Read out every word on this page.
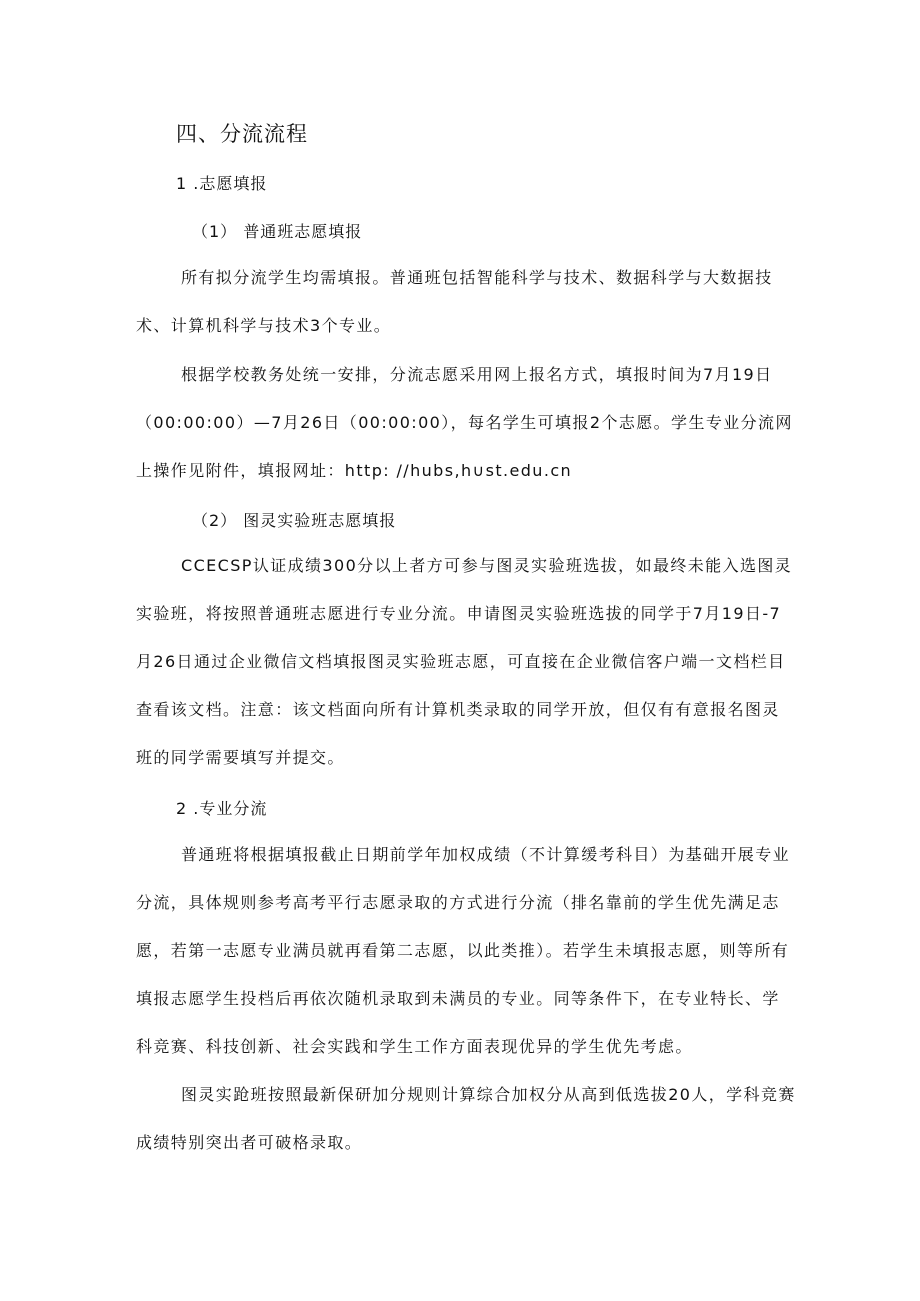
四、分流流程
1 .志愿填报
（1） 普通班志愿填报

所有拟分流学生均需填报。普通班包括智能科学与技术、数据科学与大数据技术、计算机科学与技术3个专业。

根据学校教务处统一安排，分流志愿采用网上报名方式，填报时间为7月19日（00:00:00）—7月26日（00:00:00），每名学生可填报2个志愿。学生专业分流网上操作见附件，填报网址：http: //hubs,h∪st.edu.cn

（2） 图灵实验班志愿填报

CCECSP认证成绩300分以上者方可参与图灵实验班选拔，如最终未能入选图灵实验班，将按照普通班志愿进行专业分流。申请图灵实验班选拔的同学于7月19日-7月26日通过企业微信文档填报图灵实验班志愿，可直接在企业微信客户端一文档栏目查看该文档。注意：该文档面向所有计算机类录取的同学开放，但仅有有意报名图灵班的同学需要填写并提交。

2 .专业分流

普通班将根据填报截止日期前学年加权成绩（不计算缓考科目）为基础开展专业分流，具体规则参考高考平行志愿录取的方式进行分流（排名靠前的学生优先满足志愿，若第一志愿专业满员就再看第二志愿，以此类推）。若学生未填报志愿，则等所有填报志愿学生投档后再依次随机录取到未满员的专业。同等条件下，在专业特长、学科竞赛、科技创新、社会实践和学生工作方面表现优异的学生优先考虑。

图灵实跄班按照最新保研加分规则计算综合加权分从高到低选拔20人，学科竞赛成绩特别突出者可破格录取。
